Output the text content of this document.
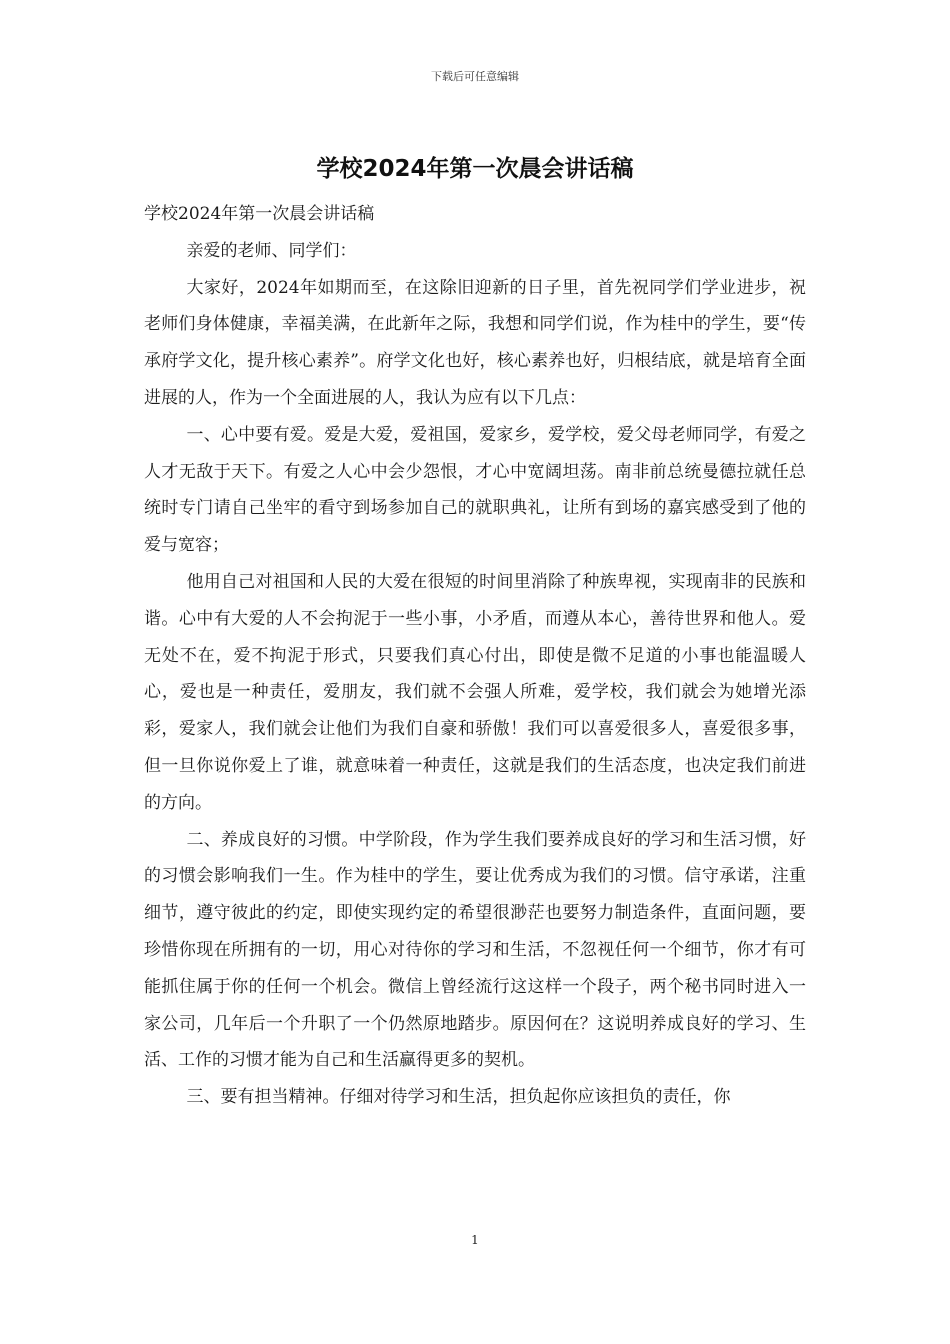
下载后可任意编辑
学校2024年第一次晨会讲话稿

学校2024年第一次晨会讲话稿

亲爱的老师、同学们：

大家好，2024年如期而至，在这除旧迎新的日子里，首先祝同学们学业进步，祝老师们身体健康，幸福美满，在此新年之际，我想和同学们说，作为桂中的学生，要“传承府学文化，提升核心素养”。府学文化也好，核心素养也好，归根结底，就是培育全面进展的人，作为一个全面进展的人，我认为应有以下几点：

一、心中要有爱。爱是大爱，爱祖国，爱家乡，爱学校，爱父母老师同学，有爱之人才无敌于天下。有爱之人心中会少怨恨，才心中宽阔坦荡。南非前总统曼德拉就任总统时专门请自己坐牢的看守到场参加自己的就职典礼，让所有到场的嘉宾感受到了他的爱与宽容；

他用自己对祖国和人民的大爱在很短的时间里消除了种族卑视，实现南非的民族和谐。心中有大爱的人不会拘泥于一些小事，小矛盾，而遵从本心，善待世界和他人。爱无处不在，爱不拘泥于形式，只要我们真心付出，即使是微不足道的小事也能温暖人心，爱也是一种责任，爱朋友，我们就不会强人所难，爱学校，我们就会为她增光添彩，爱家人，我们就会让他们为我们自豪和骄傲！我们可以喜爱很多人，喜爱很多事，但一旦你说你爱上了谁，就意味着一种责任，这就是我们的生活态度，也决定我们前进的方向。

二、养成良好的习惯。中学阶段，作为学生我们要养成良好的学习和生活习惯，好的习惯会影响我们一生。作为桂中的学生，要让优秀成为我们的习惯。信守承诺，注重细节，遵守彼此的约定，即使实现约定的希望很渺茫也要努力制造条件，直面问题，要珍惜你现在所拥有的一切，用心对待你的学习和生活，不忽视任何一个细节，你才有可能抓住属于你的任何一个机会。微信上曾经流行这这样一个段子，两个秘书同时进入一家公司，几年后一个升职了一个仍然原地踏步。原因何在？这说明养成良好的学习、生活、工作的习惯才能为自己和生活赢得更多的契机。

三、要有担当精神。仔细对待学习和生活，担负起你应该担负的责任，你

1
